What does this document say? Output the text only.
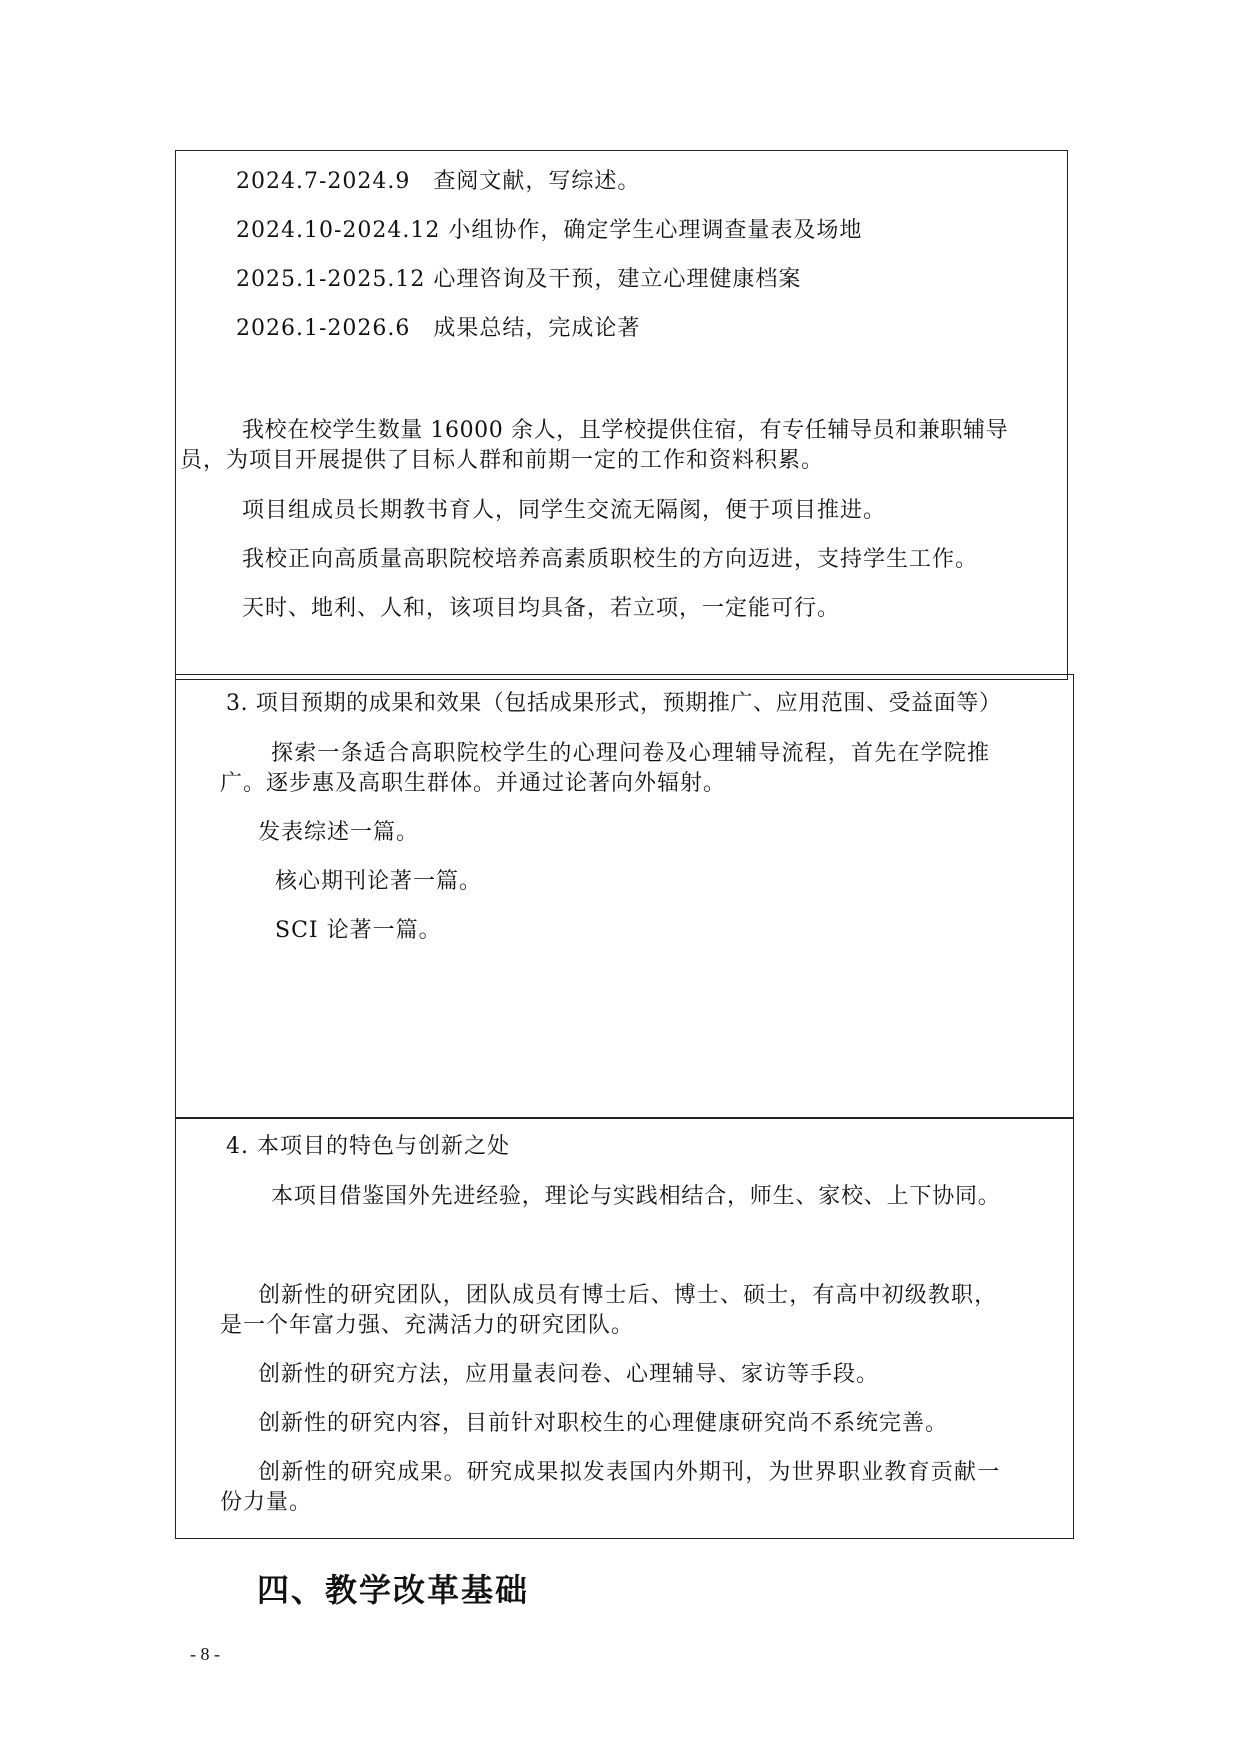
2024.7-2024.9　查阅文献，写综述。

2024.10-2024.12 小组协作，确定学生心理调查量表及场地

2025.1-2025.12 心理咨询及干预，建立心理健康档案

2026.1-2026.6　成果总结，完成论著

我校在校学生数量 16000 余人，且学校提供住宿，有专任辅导员和兼职辅导

员，为项目开展提供了目标人群和前期一定的工作和资料积累。

项目组成员长期教书育人，同学生交流无隔阂，便于项目推进。

我校正向高质量高职院校培养高素质职校生的方向迈进，支持学生工作。

天时、地利、人和，该项目均具备，若立项，一定能可行。

3. 项目预期的成果和效果（包括成果形式，预期推广、应用范围、受益面等）

探索一条适合高职院校学生的心理问卷及心理辅导流程，首先在学院推

广。逐步惠及高职生群体。并通过论著向外辐射。

发表综述一篇。

核心期刊论著一篇。

SCI 论著一篇。

4. 本项目的特色与创新之处

本项目借鉴国外先进经验，理论与实践相结合，师生、家校、上下协同。

创新性的研究团队，团队成员有博士后、博士、硕士，有高中初级教职，

是一个年富力强、充满活力的研究团队。

创新性的研究方法，应用量表问卷、心理辅导、家访等手段。

创新性的研究内容，目前针对职校生的心理健康研究尚不系统完善。

创新性的研究成果。研究成果拟发表国内外期刊，为世界职业教育贡献一

份力量。

四、教学改革基础

- 8 -
